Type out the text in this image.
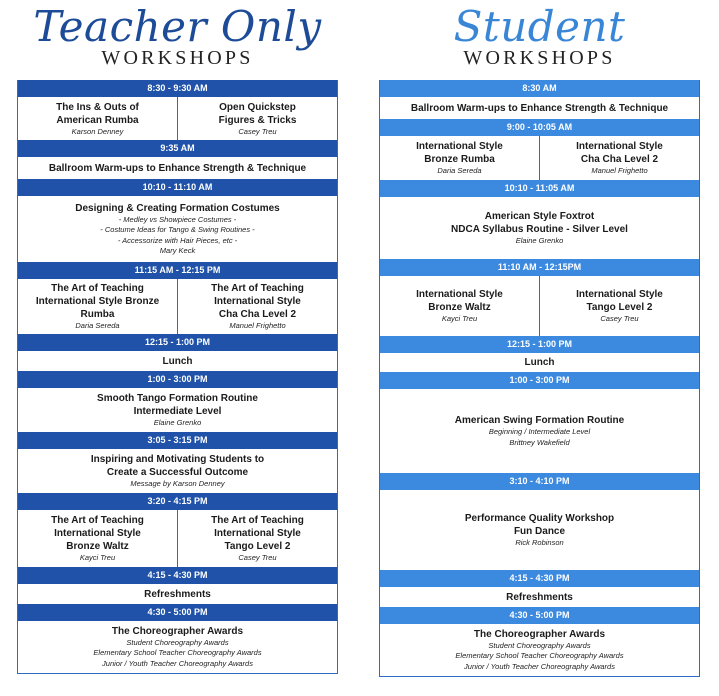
Teacher Only
WORKSHOPS
8:30 - 9:30 AM
The Ins & Outs of
American Rumba
Karson Denney
Open Quickstep
Figures & Tricks
Casey Treu
9:35 AM
Ballroom Warm-ups to Enhance Strength & Technique
10:10 - 11:10 AM
Designing & Creating Formation Costumes
- Medley vs Showpiece Costumes -
- Costume Ideas for Tango & Swing Routines -
- Accessorize with Hair Pieces, etc -
Mary Keck
11:15 AM - 12:15 PM
The Art of Teaching
International Style Bronze
Rumba
Daria Sereda
The Art of Teaching
International Style
Cha Cha Level 2
Manuel Frighetto
12:15 - 1:00 PM
Lunch
1:00 - 3:00 PM
Smooth Tango Formation Routine
Intermediate Level
Elaine Grenko
3:05 - 3:15 PM
Inspiring and Motivating Students to
Create a Successful Outcome
Message by Karson Denney
3:20 - 4:15 PM
The Art of Teaching
International Style
Bronze Waltz
Kayci Treu
The Art of Teaching
International Style
Tango Level 2
Casey Treu
4:15 - 4:30 PM
Refreshments
4:30 - 5:00 PM
The Choreographer Awards
Student Choreography Awards
Elementary School Teacher Choreography Awards
Junior / Youth Teacher Choreography Awards
Student
WORKSHOPS
8:30 AM
Ballroom Warm-ups to Enhance Strength & Technique
9:00 - 10:05 AM
International Style
Bronze Rumba
Daria Sereda
International Style
Cha Cha Level 2
Manuel Frighetto
10:10 - 11:05 AM
American Style Foxtrot
NDCA Syllabus Routine - Silver Level
Elaine Grenko
11:10 AM - 12:15PM
International Style
Bronze Waltz
Kayci Treu
International Style
Tango Level 2
Casey Treu
12:15 - 1:00 PM
Lunch
1:00 - 3:00 PM
American Swing Formation Routine
Beginning / Intermediate Level
Brittney Wakefield
3:10 - 4:10 PM
Performance Quality Workshop
Fun Dance
Rick Robinson
4:15 - 4:30 PM
Refreshments
4:30 - 5:00 PM
The Choreographer Awards
Student Choreography Awards
Elementary School Teacher Choreography Awards
Junior / Youth Teacher Choreography Awards
